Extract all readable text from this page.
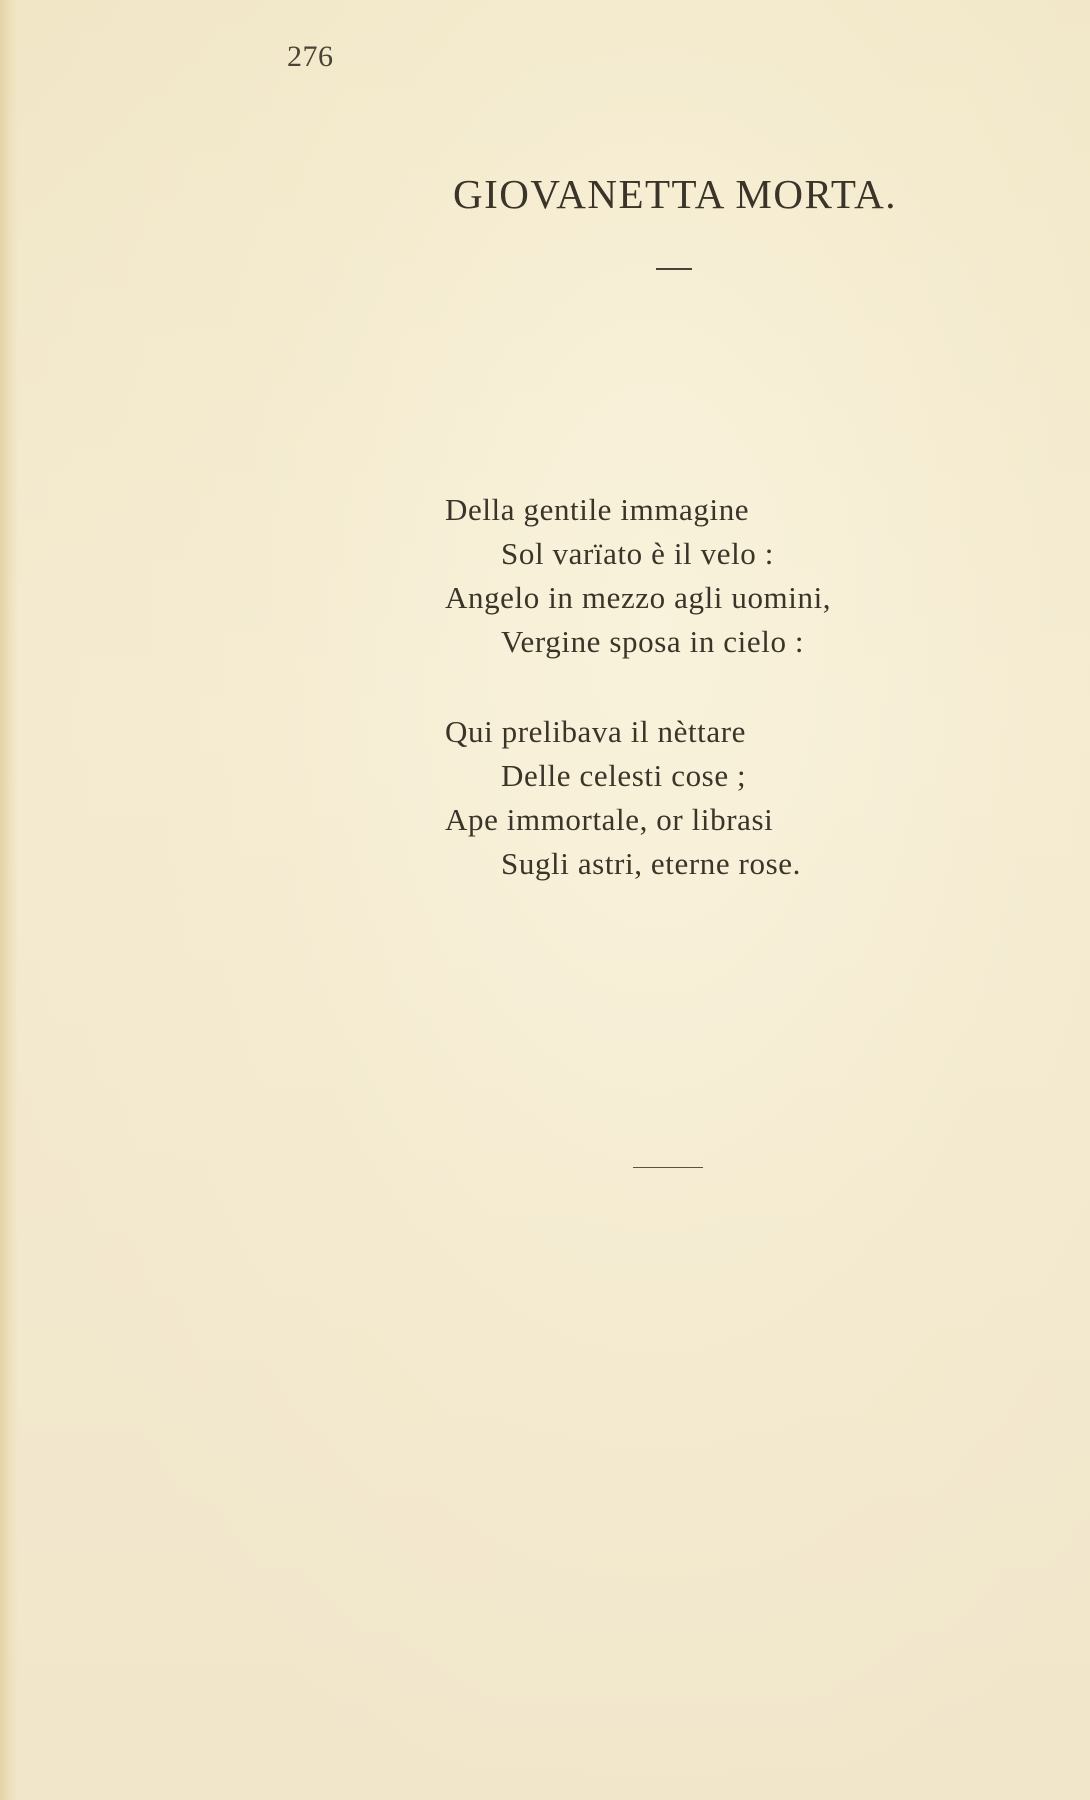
276
GIOVANETTA MORTA.
Della gentile immagine
Sol varïato è il velo :
Angelo in mezzo agli uomini,
Vergine sposa in cielo :
Qui prelibava il nèttare
Delle celesti cose ;
Ape immortale, or librasi
Sugli astri, eterne rose.
